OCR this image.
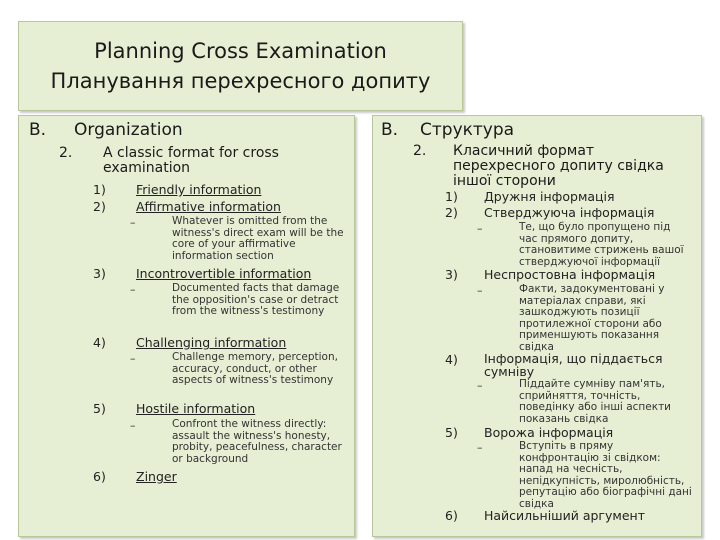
Planning Cross Examination
Планування перехресного допиту
B. Organization
2. A classic format for cross examination
1) Friendly information
2) Affirmative information
–	Whatever is omitted from the witness's direct exam will be the core of your affirmative information section
3) Incontrovertible information
–	Documented facts that damage the opposition's case or detract from the witness's testimony
4) Challenging information
–	Challenge memory, perception, accuracy, conduct, or other aspects of witness's testimony
5) Hostile information
–	Confront the witness directly: assault the witness's honesty, probity, peacefulness, character or background
6) Zinger
В. Структура
2. Класичний формат перехресного допиту свідка іншої сторони
1) Дружня інформація
2) Стверджуюча інформація
–	Те, що було пропущено під час прямого допиту, становитиме стрижень вашої стверджуючої інформації
3) Неспростовна інформація
–	Факти, задокументовані у матеріалах справи, які зашкоджують позиції протилежної сторони або применшують показання свідка
4) Інформація, що піддається сумніву
–	Піддайте сумніву пам'ять, сприйняття, точність, поведінку або інші аспекти показань свідка
5) Ворожа інформація
–	Вступіть в пряму конфронтацію зі свідком: напад на чесність, непідкупність, миролюбність, репутацію або біографічні дані свідка
6) Найсильніший аргумент
